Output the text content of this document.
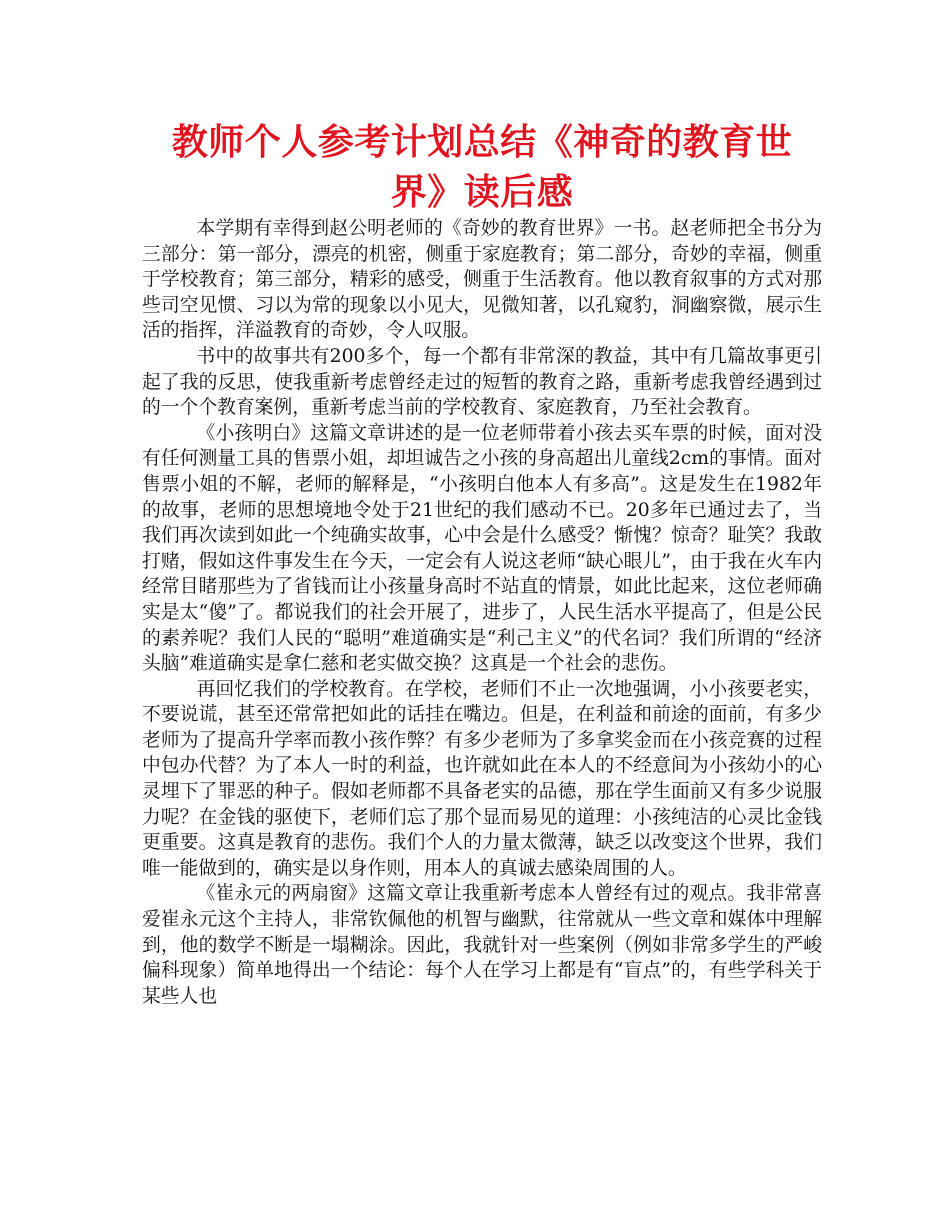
教师个人参考计划总结《神奇的教育世界》读后感

本学期有幸得到赵公明老师的《奇妙的教育世界》一书。赵老师把全书分为三部分：第一部分，漂亮的机密，侧重于家庭教育；第二部分，奇妙的幸福，侧重于学校教育；第三部分，精彩的感受，侧重于生活教育。他以教育叙事的方式对那些司空见惯、习以为常的现象以小见大，见微知著，以孔窥豹，洞幽察微，展示生活的指挥，洋溢教育的奇妙，令人叹服。

书中的故事共有200多个，每一个都有非常深的教益，其中有几篇故事更引起了我的反思，使我重新考虑曾经走过的短暂的教育之路，重新考虑我曾经遇到过的一个个教育案例，重新考虑当前的学校教育、家庭教育，乃至社会教育。

《小孩明白》这篇文章讲述的是一位老师带着小孩去买车票的时候，面对没有任何测量工具的售票小姐，却坦诚告之小孩的身高超出儿童线2cm的事情。面对售票小姐的不解，老师的解释是，“小孩明白他本人有多高”。这是发生在1982年的故事，老师的思想境地令处于21世纪的我们感动不已。20多年已通过去了，当我们再次读到如此一个纯确实故事，心中会是什么感受？惭愧？惊奇？耻笑？我敢打赌，假如这件事发生在今天，一定会有人说这老师“缺心眼儿”，由于我在火车内经常目睹那些为了省钱而让小孩量身高时不站直的情景，如此比起来，这位老师确实是太“傻”了。都说我们的社会开展了，进步了，人民生活水平提高了，但是公民的素养呢？我们人民的“聪明”难道确实是“利己主义”的代名词？我们所谓的“经济头脑”难道确实是拿仁慈和老实做交换？这真是一个社会的悲伤。

再回忆我们的学校教育。在学校，老师们不止一次地强调，小小孩要老实，不要说谎，甚至还常常把如此的话挂在嘴边。但是，在利益和前途的面前，有多少老师为了提高升学率而教小孩作弊？有多少老师为了多拿奖金而在小孩竞赛的过程中包办代替？为了本人一时的利益，也许就如此在本人的不经意间为小孩幼小的心灵埋下了罪恶的种子。假如老师都不具备老实的品德，那在学生面前又有多少说服力呢？在金钱的驱使下，老师们忘了那个显而易见的道理：小孩纯洁的心灵比金钱更重要。这真是教育的悲伤。我们个人的力量太微薄，缺乏以改变这个世界，我们唯一能做到的，确实是以身作则，用本人的真诚去感染周围的人。

《崔永元的两扇窗》这篇文章让我重新考虑本人曾经有过的观点。我非常喜爱崔永元这个主持人，非常钦佩他的机智与幽默，往常就从一些文章和媒体中理解到，他的数学不断是一塌糊涂。因此，我就针对一些案例（例如非常多学生的严峻偏科现象）简单地得出一个结论：每个人在学习上都是有“盲点”的，有些学科关于某些人也
